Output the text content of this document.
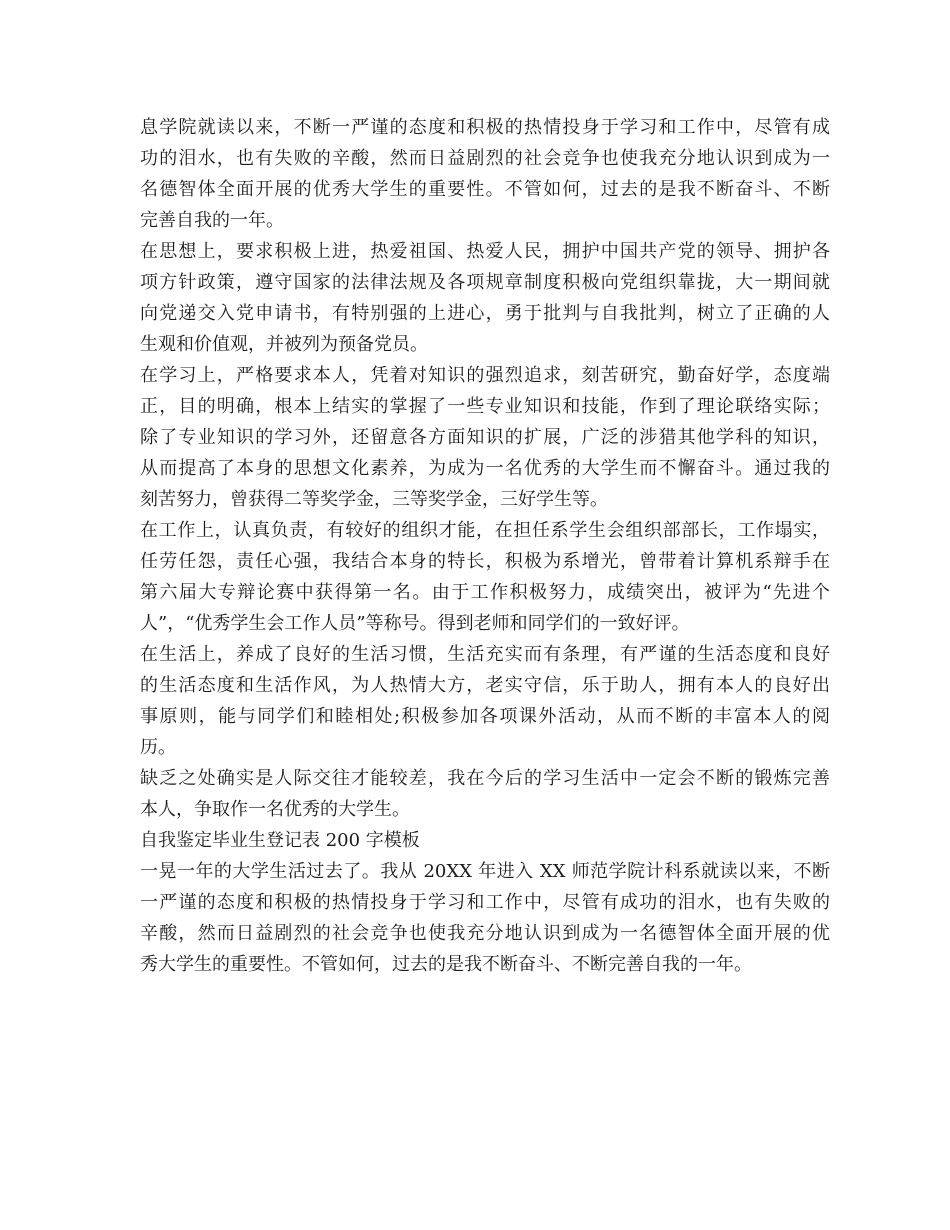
息学院就读以来，不断一严谨的态度和积极的热情投身于学习和工作中，尽管有成
功的泪水，也有失败的辛酸，然而日益剧烈的社会竞争也使我充分地认识到成为一
名德智体全面开展的优秀大学生的重要性。不管如何，过去的是我不断奋斗、不断
完善自我的一年。
在思想上，要求积极上进，热爱祖国、热爱人民，拥护中国共产党的领导、拥护各
项方针政策，遵守国家的法律法规及各项规章制度积极向党组织靠拢，大一期间就
向党递交入党申请书，有特别强的上进心，勇于批判与自我批判，树立了正确的人
生观和价值观，并被列为预备党员。
在学习上，严格要求本人，凭着对知识的强烈追求，刻苦研究，勤奋好学，态度端
正，目的明确，根本上结实的掌握了一些专业知识和技能，作到了理论联络实际；
除了专业知识的学习外，还留意各方面知识的扩展，广泛的涉猎其他学科的知识，
从而提高了本身的思想文化素养，为成为一名优秀的大学生而不懈奋斗。通过我的
刻苦努力，曾获得二等奖学金，三等奖学金，三好学生等。
在工作上，认真负责，有较好的组织才能，在担任系学生会组织部部长，工作塌实，
任劳任怨，责任心强，我结合本身的特长，积极为系增光，曾带着计算机系辩手在
第六届大专辩论赛中获得第一名。由于工作积极努力，成绩突出，被评为“先进个
人”，“优秀学生会工作人员”等称号。得到老师和同学们的一致好评。
在生活上，养成了良好的生活习惯，生活充实而有条理，有严谨的生活态度和良好
的生活态度和生活作风，为人热情大方，老实守信，乐于助人，拥有本人的良好出
事原则，能与同学们和睦相处;积极参加各项课外活动，从而不断的丰富本人的阅
历。
缺乏之处确实是人际交往才能较差，我在今后的学习生活中一定会不断的锻炼完善
本人，争取作一名优秀的大学生。
自我鉴定毕业生登记表 200 字模板
一晃一年的大学生活过去了。我从 20XX 年进入 XX 师范学院计科系就读以来，不断
一严谨的态度和积极的热情投身于学习和工作中，尽管有成功的泪水，也有失败的
辛酸，然而日益剧烈的社会竞争也使我充分地认识到成为一名德智体全面开展的优
秀大学生的重要性。不管如何，过去的是我不断奋斗、不断完善自我的一年。
